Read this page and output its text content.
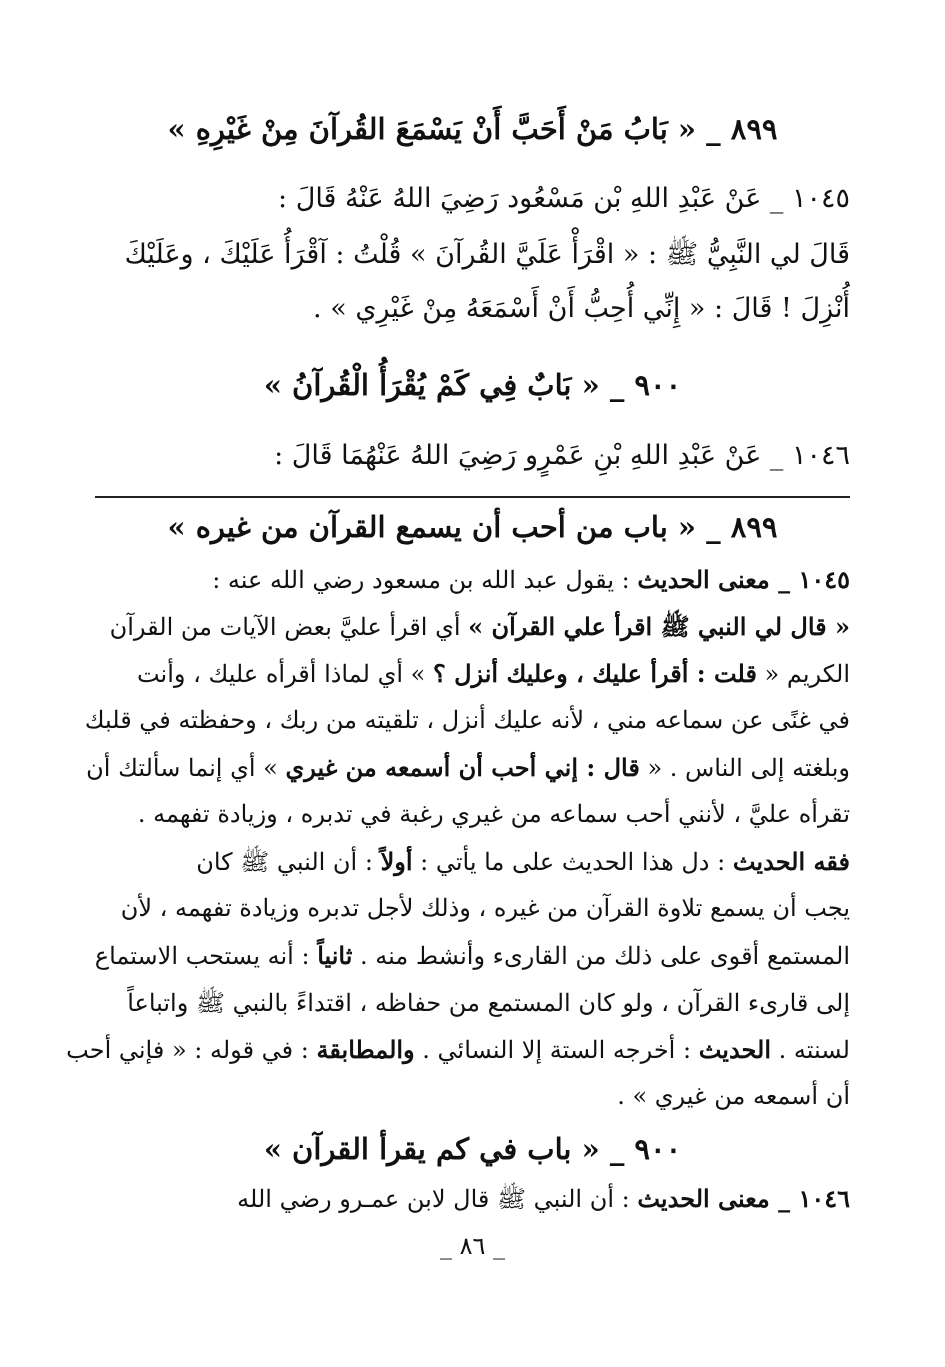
٨٩٩ _ « بَابُ مَنْ أَحَبَّ أَنْ يَسْمَعَ القُرآنَ مِنْ غَيْرِهِ »
١٠٤٥ _ عَنْ عَبْدِ اللهِ بْن مَسْعُود رَضِيَ اللهُ عَنْهُ قَالَ :
قَالَ لي النَّبِيُّ ﷺ : « اقْرَأْ عَلَيَّ القُرآنَ » قُلْتُ : آقْرَأُ عَلَيْكَ ، وعَلَيْكَ
أُنْزِلَ ! قَالَ : « إِنِّي أُحِبُّ أَنْ أَسْمَعَهُ مِنْ غَيْرِي » .
٩٠٠ _ « بَابٌ فِي كَمْ يُقْرَأُ الْقُرآنُ »
١٠٤٦ _ عَنْ عَبْدِ اللهِ بْنِ عَمْرٍو رَضِيَ اللهُ عَنْهُمَا قَالَ :
٨٩٩ _ « باب من أحب أن يسمع القرآن من غيره »
١٠٤٥ _ معنى الحديث : يقول عبد الله بن مسعود رضي الله عنه :
« قال لي النبي ﷺ اقرأ علي القرآن » أي اقرأ عليَّ بعض الآيات من القرآن
الكريم « قلت : أقرأ عليك ، وعليك أنزل ؟ » أي لماذا أقرأه عليك ، وأنت
في غنًى عن سماعه مني ، لأنه عليك أنزل ، تلقيته من ربك ، وحفظته في قلبك
وبلغته إلى الناس . « قال : إني أحب أن أسمعه من غيري » أي إنما سألتك أن
تقرأه عليَّ ، لأنني أحب سماعه من غيري رغبة في تدبره ، وزيادة تفهمه .
فقه الحديث : دل هذا الحديث على ما يأتي : أولاً : أن النبي ﷺ كان
يجب أن يسمع تلاوة القرآن من غيره ، وذلك لأجل تدبره وزيادة تفهمه ، لأن
المستمع أقوى على ذلك من القارىء وأنشط منه . ثانياً : أنه يستحب الاستماع
إلى قارىء القرآن ، ولو كان المستمع من حفاظه ، اقتداءً بالنبي ﷺ واتباعاً
لسنته . الحديث : أخرجه الستة إلا النسائي . والمطابقة : في قوله : « فإني أحب
أن أسمعه من غيري » .
٩٠٠ _ « باب في كم يقرأ القرآن »
١٠٤٦ _ معنى الحديث : أن النبي ﷺ قال لابن عمـرو رضي الله
_ ٨٦ _
